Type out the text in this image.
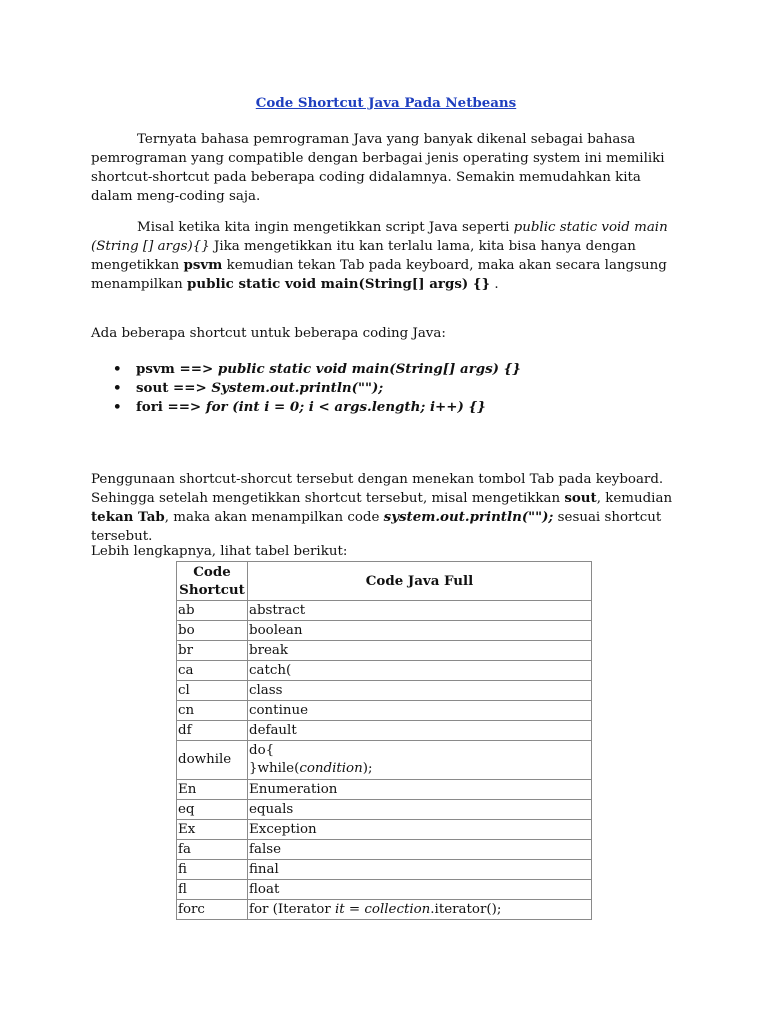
Code Shortcut Java Pada Netbeans

Ternyata bahasa pemrograman Java yang banyak dikenal sebagai bahasa pemrograman yang compatible dengan berbagai jenis operating system ini memiliki shortcut-shortcut pada beberapa coding didalamnya. Semakin memudahkan kita dalam meng-coding saja.

Misal ketika kita ingin mengetikkan script Java seperti public static void main (String [] args){} Jika mengetikkan itu kan terlalu lama, kita bisa hanya dengan mengetikkan psvm kemudian tekan Tab pada keyboard, maka akan secara langsung menampilkan public static void main(String[] args) {} .

Ada beberapa shortcut untuk beberapa coding Java:

• psvm ==> public static void main(String[] args) {}
• sout ==> System.out.println("");
• fori ==> for (int i = 0; i < args.length; i++) {}

Penggunaan shortcut-shorcut tersebut dengan menekan tombol Tab pada keyboard. Sehingga setelah mengetikkan shortcut tersebut, misal mengetikkan sout, kemudian tekan Tab, maka akan menampilkan code system.out.println(""); sesuai shortcut tersebut.

Lebih lengkapnya, lihat tabel berikut:

Code Shortcut	Code Java Full
ab	abstract
bo	boolean
br	break
ca	catch(
cl	class
cn	continue
df	default
dowhile	do{
}while(condition);
En	Enumeration
eq	equals
Ex	Exception
fa	false
fi	final
fl	float
forc	for (Iterator it = collection.iterator();
